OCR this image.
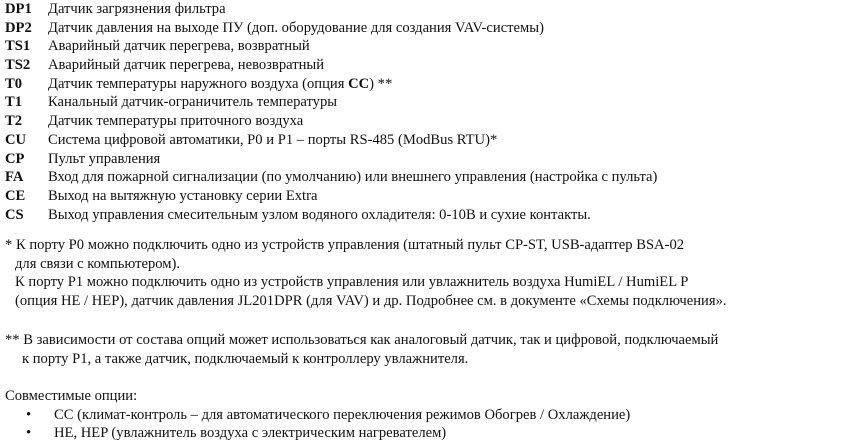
DP1	Датчик загрязнения фильтра
DP2	Датчик давления на выходе ПУ (доп. оборудование для создания VAV-системы)
TS1	Аварийный датчик перегрева, возвратный
TS2	Аварийный датчик перегрева, невозвратный
T0	Датчик температуры наружного воздуха (опция CC) **
T1	Канальный датчик-ограничитель температуры
T2	Датчик температуры приточного воздуха
CU	Система цифровой автоматики, P0 и P1 – порты RS-485 (ModBus RTU)*
CP	Пульт управления
FA	Вход для пожарной сигнализации (по умолчанию) или внешнего управления (настройка с пульта)
CE	Выход на вытяжную установку серии Extra
CS	Выход управления смесительным узлом водяного охладителя: 0-10В и сухие контакты.
* К порту P0 можно подключить одно из устройств управления (штатный пульт CP-ST, USB-адаптер BSA-02
для связи с компьютером).
К порту P1 можно подключить одно из устройств управления или увлажнитель воздуха HumiEL / HumiEL P
(опция HE / HEP), датчик давления JL201DPR (для VAV) и др. Подробнее см. в документе «Схемы подключения».
** В зависимости от состава опций может использоваться как аналоговый датчик, так и цифровой, подключаемый
к порту P1, а также датчик, подключаемый к контроллеру увлажнителя.
Совместимые опции:
•	CC (климат-контроль – для автоматического переключения режимов Обогрев / Охлаждение)
•	HE, HEP (увлажнитель воздуха с электрическим нагревателем)
